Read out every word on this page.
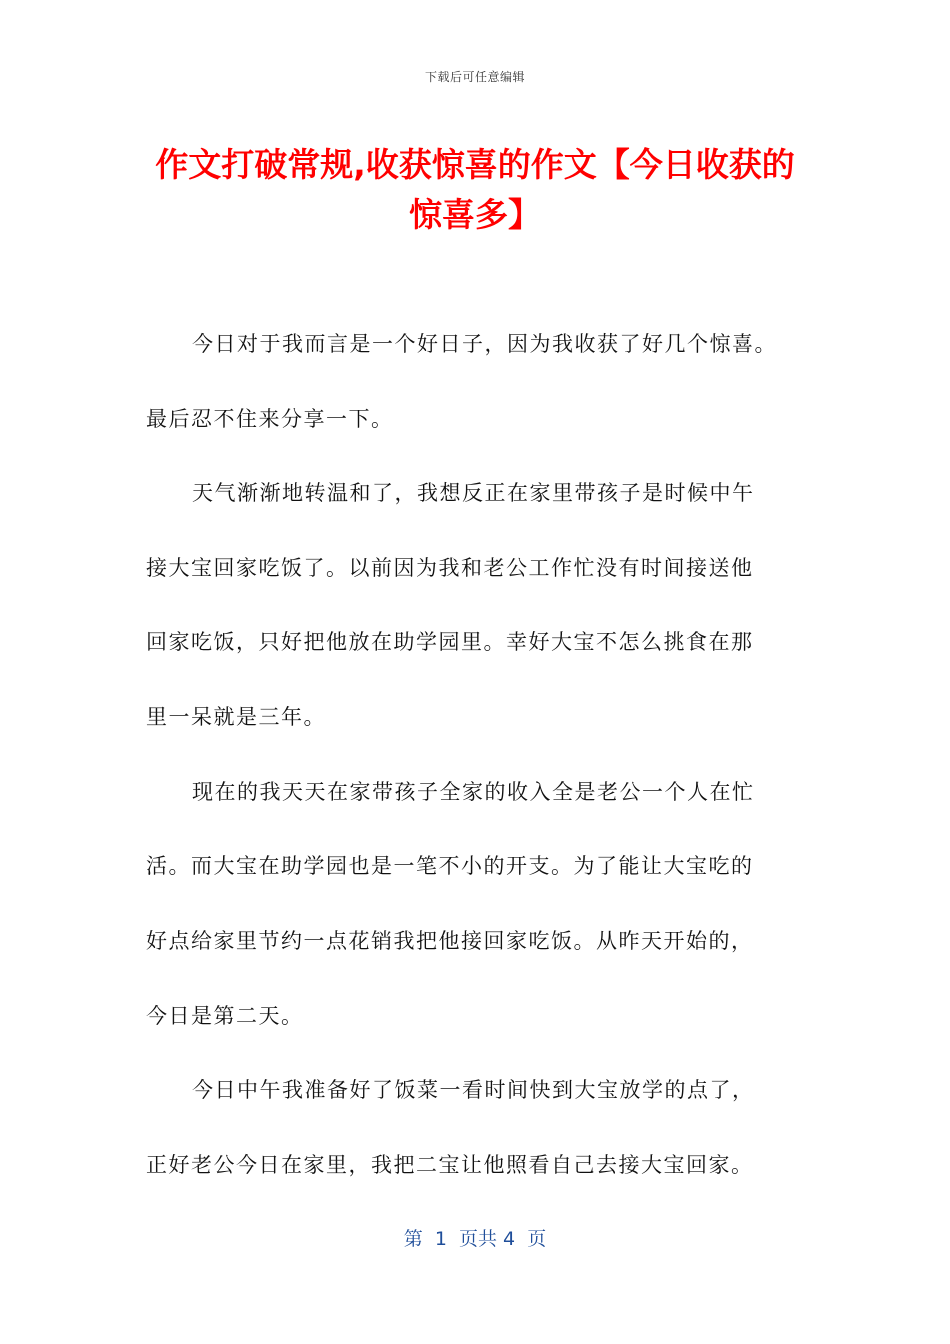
下载后可任意编辑
作文打破常规,收获惊喜的作文【今日收获的惊喜多】
今日对于我而言是一个好日子，因为我收获了好几个惊喜。
最后忍不住来分享一下。
天气渐渐地转温和了，我想反正在家里带孩子是时候中午
接大宝回家吃饭了。以前因为我和老公工作忙没有时间接送他
回家吃饭，只好把他放在助学园里。幸好大宝不怎么挑食在那
里一呆就是三年。
现在的我天天在家带孩子全家的收入全是老公一个人在忙
活。而大宝在助学园也是一笔不小的开支。为了能让大宝吃的
好点给家里节约一点花销我把他接回家吃饭。从昨天开始的，
今日是第二天。
今日中午我准备好了饭菜一看时间快到大宝放学的点了，
正好老公今日在家里，我把二宝让他照看自己去接大宝回家。
第  1  页共 4  页
